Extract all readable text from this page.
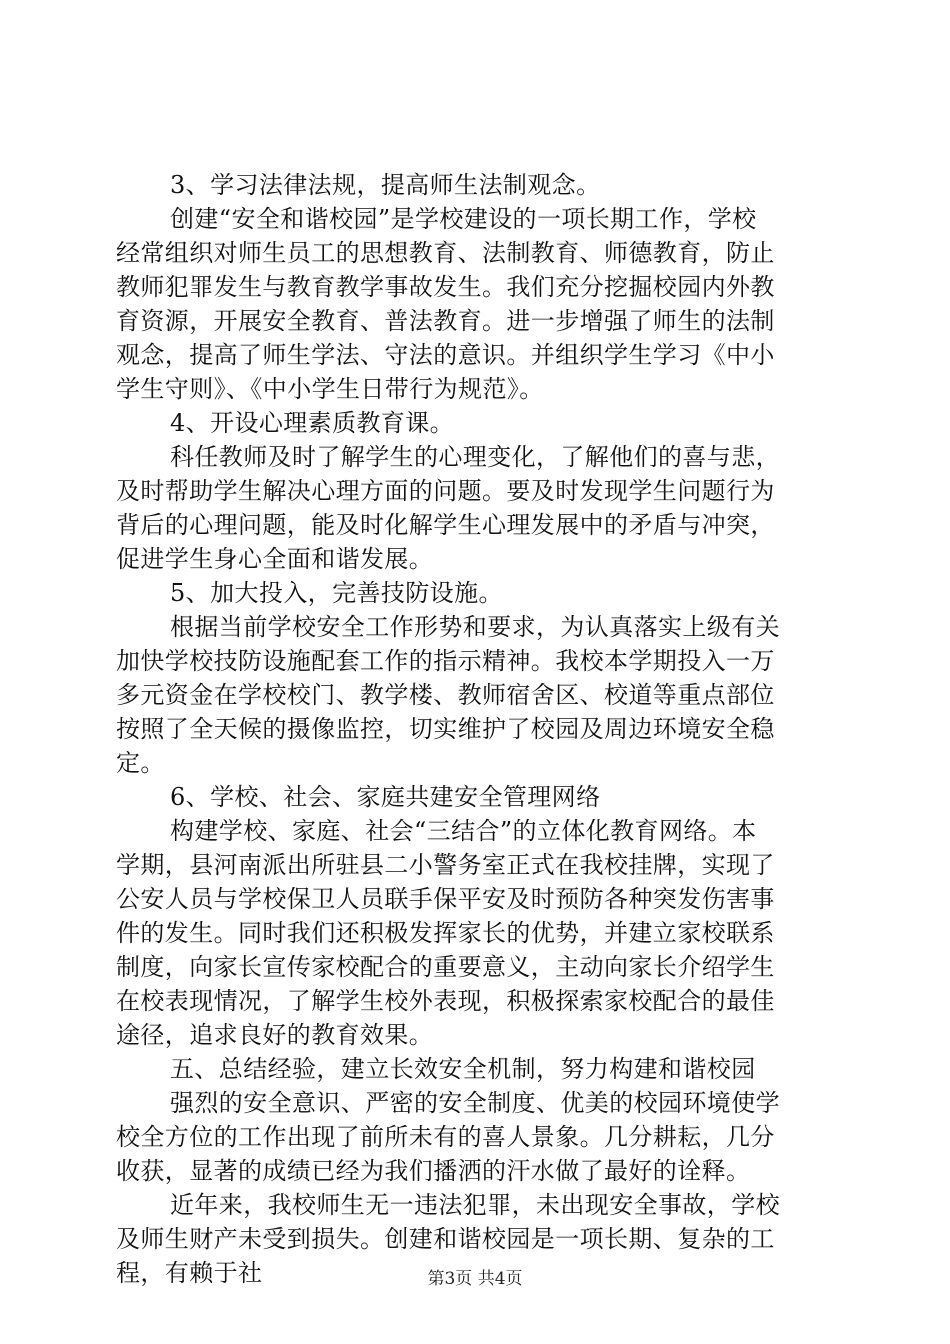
3、学习法律法规，提高师生法制观念。
创建“安全和谐校园”是学校建设的一项长期工作，学校
经常组织对师生员工的思想教育、法制教育、师德教育，防止
教师犯罪发生与教育教学事故发生。我们充分挖掘校园内外教
育资源，开展安全教育、普法教育。进一步增强了师生的法制
观念，提高了师生学法、守法的意识。并组织学生学习《中小
学生守则》、《中小学生日带行为规范》。
4、开设心理素质教育课。
科任教师及时了解学生的心理变化，了解他们的喜与悲，
及时帮助学生解决心理方面的问题。要及时发现学生问题行为
背后的心理问题，能及时化解学生心理发展中的矛盾与冲突，
促进学生身心全面和谐发展。
5、加大投入，完善技防设施。
根据当前学校安全工作形势和要求，为认真落实上级有关
加快学校技防设施配套工作的指示精神。我校本学期投入一万
多元资金在学校校门、教学楼、教师宿舍区、校道等重点部位
按照了全天候的摄像监控，切实维护了校园及周边环境安全稳
定。
6、学校、社会、家庭共建安全管理网络
构建学校、家庭、社会“三结合”的立体化教育网络。本
学期，县河南派出所驻县二小警务室正式在我校挂牌，实现了
公安人员与学校保卫人员联手保平安及时预防各种突发伤害事
件的发生。同时我们还积极发挥家长的优势，并建立家校联系
制度，向家长宣传家校配合的重要意义，主动向家长介绍学生
在校表现情况，了解学生校外表现，积极探索家校配合的最佳
途径，追求良好的教育效果。
五、总结经验，建立长效安全机制，努力构建和谐校园
强烈的安全意识、严密的安全制度、优美的校园环境使学
校全方位的工作出现了前所未有的喜人景象。几分耕耘，几分
收获，显著的成绩已经为我们播洒的汗水做了最好的诠释。
近年来，我校师生无一违法犯罪，未出现安全事故，学校
及师生财产未受到损失。创建和谐校园是一项长期、复杂的工
程，有赖于社	第3页 共4页
